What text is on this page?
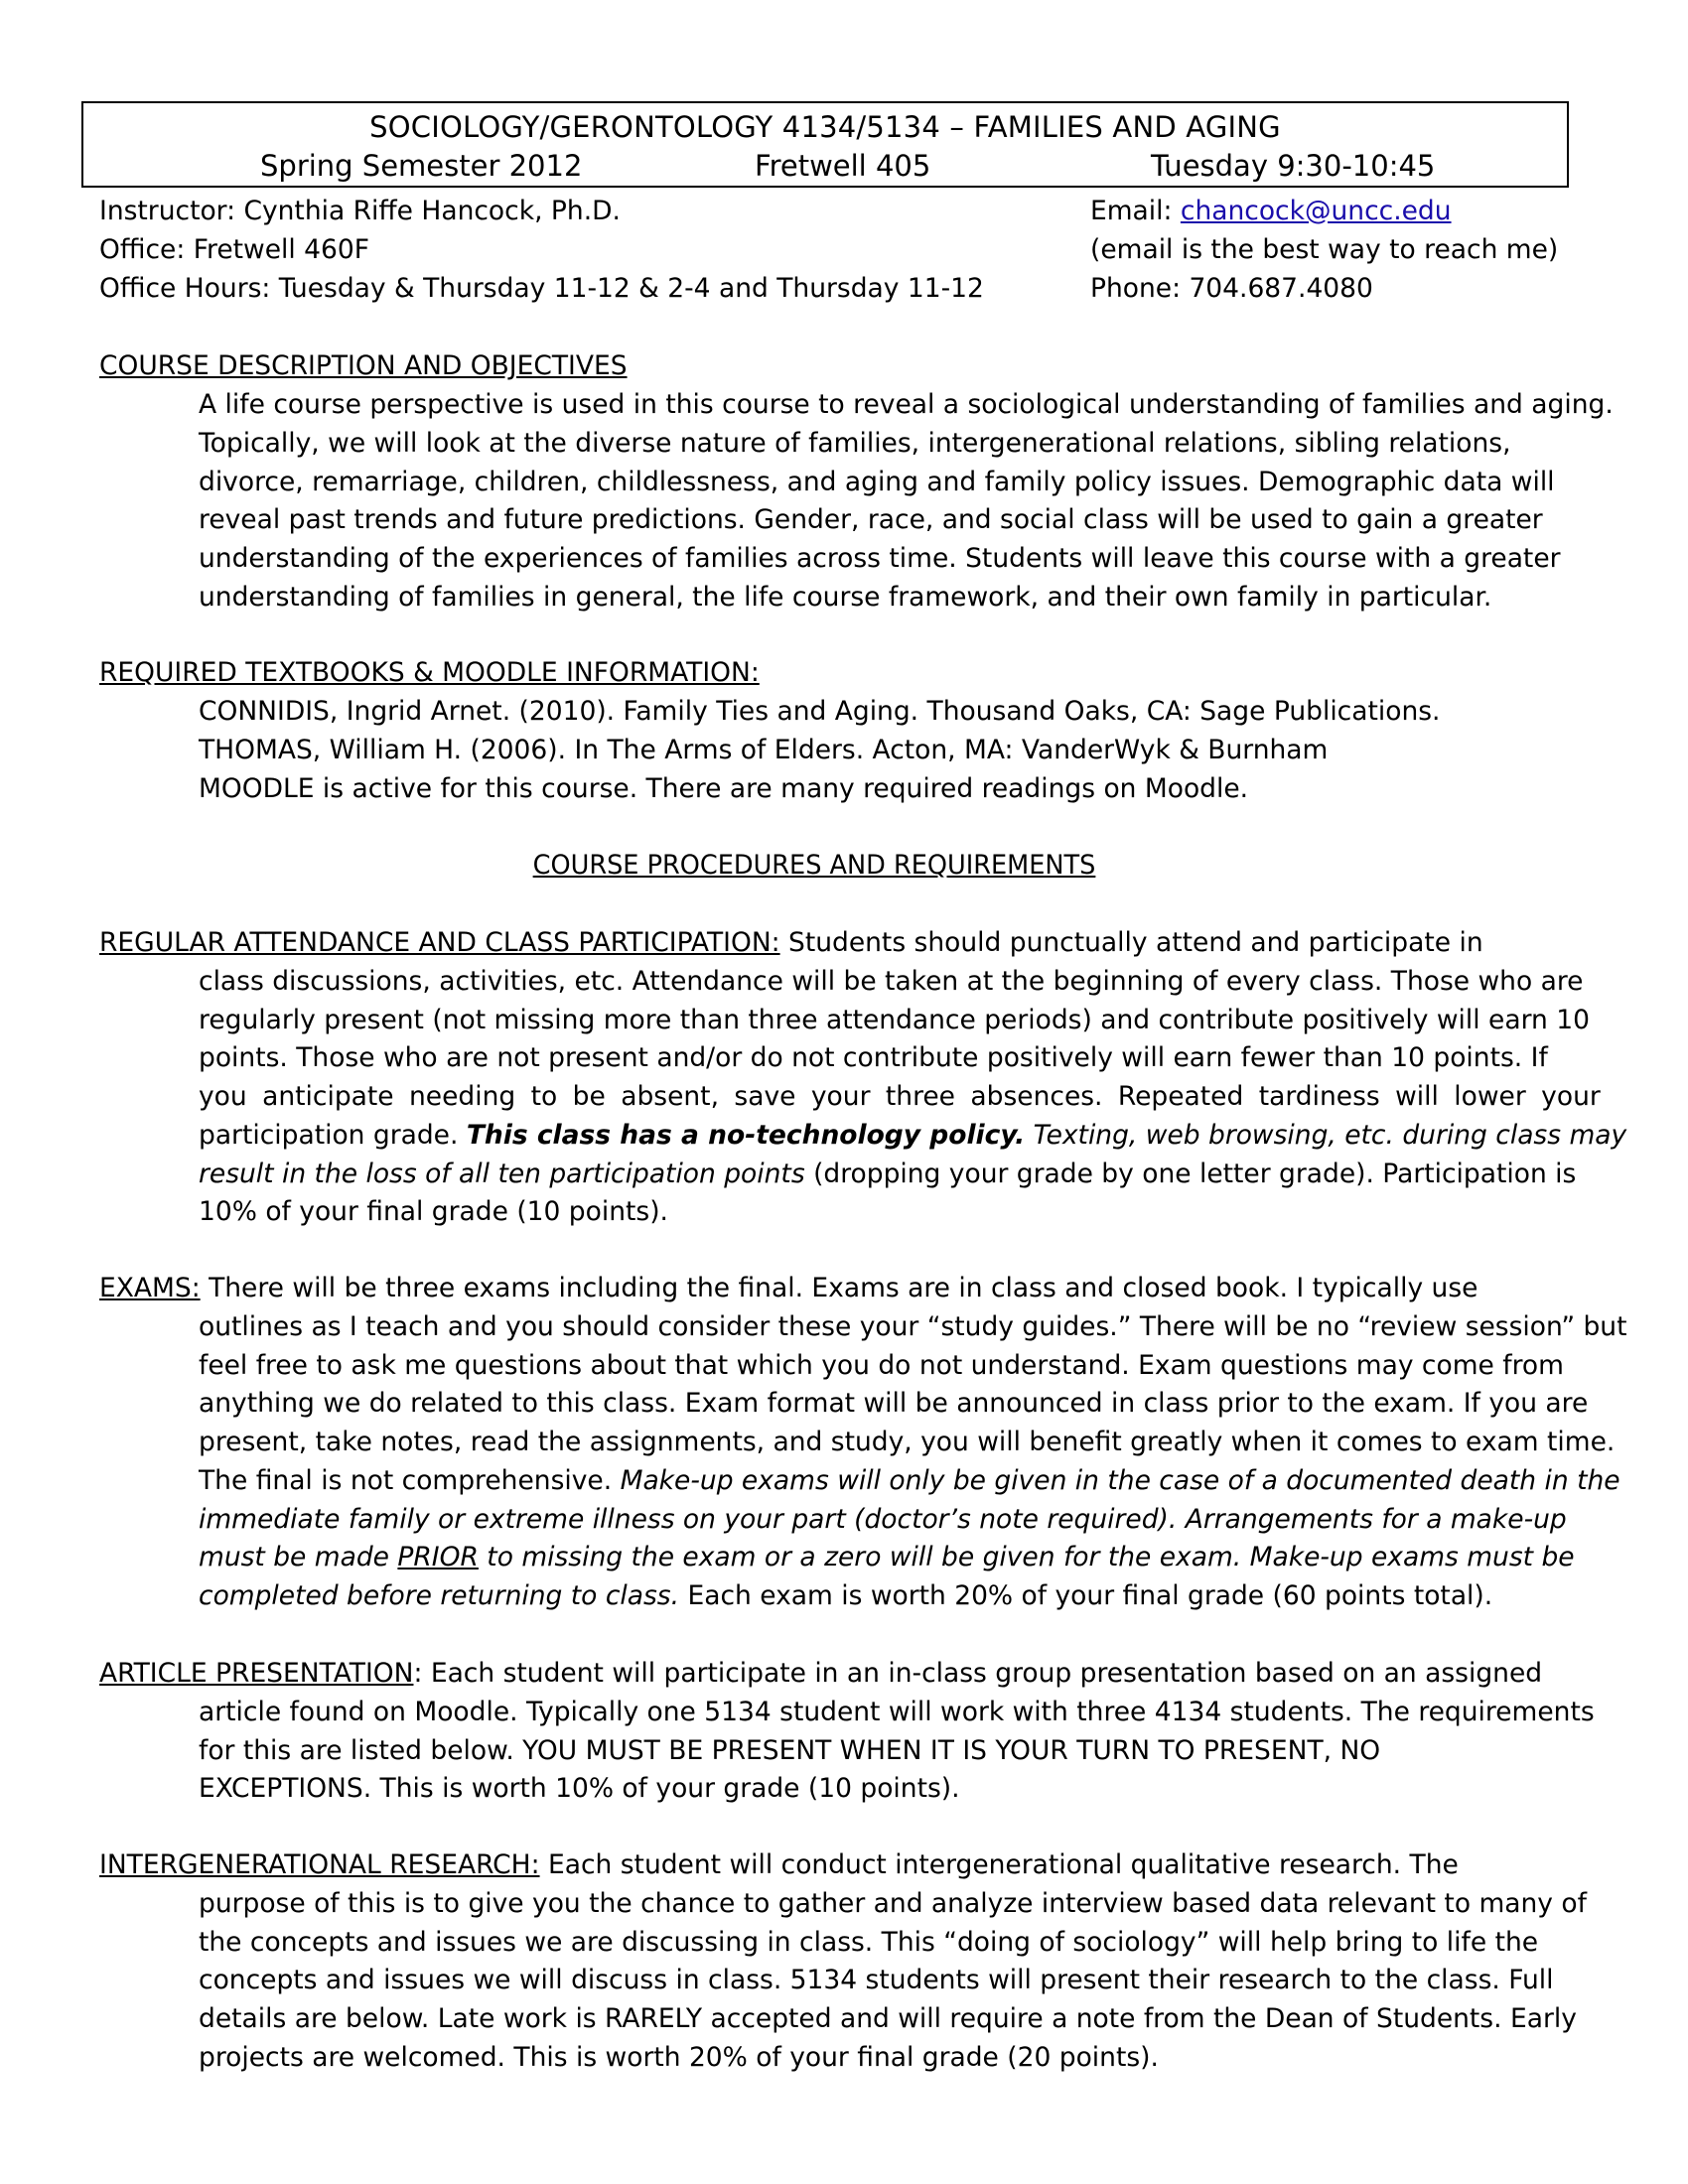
SOCIOLOGY/GERONTOLOGY 4134/5134 – FAMILIES AND AGING
Spring Semester 2012	Fretwell 405	Tuesday 9:30-10:45
Instructor: Cynthia Riffe Hancock, Ph.D.
Office: Fretwell 460F
Office Hours: Tuesday & Thursday 11-12 & 2-4 and Thursday 11-12
Email: chancock@uncc.edu
(email is the best way to reach me)
Phone: 704.687.4080
COURSE DESCRIPTION AND OBJECTIVES
A life course perspective is used in this course to reveal a sociological understanding of families and aging.
Topically, we will look at the diverse nature of families, intergenerational relations, sibling relations,
divorce, remarriage, children, childlessness, and aging and family policy issues. Demographic data will
reveal past trends and future predictions. Gender, race, and social class will be used to gain a greater
understanding of the experiences of families across time. Students will leave this course with a greater
understanding of families in general, the life course framework, and their own family in particular.
REQUIRED TEXTBOOKS & MOODLE INFORMATION:
CONNIDIS, Ingrid Arnet. (2010). Family Ties and Aging. Thousand Oaks, CA: Sage Publications.
THOMAS, William H. (2006). In The Arms of Elders. Acton, MA: VanderWyk & Burnham
MOODLE is active for this course. There are many required readings on Moodle.
COURSE PROCEDURES AND REQUIREMENTS
REGULAR ATTENDANCE AND CLASS PARTICIPATION: Students should punctually attend and participate in
class discussions, activities, etc. Attendance will be taken at the beginning of every class. Those who are
regularly present (not missing more than three attendance periods) and contribute positively will earn 10
points. Those who are not present and/or do not contribute positively will earn fewer than 10 points. If
you anticipate needing to be absent, save your three absences. Repeated tardiness will lower your
participation grade. This class has a no-technology policy. Texting, web browsing, etc. during class may
result in the loss of all ten participation points (dropping your grade by one letter grade). Participation is
10% of your final grade (10 points).
EXAMS: There will be three exams including the final. Exams are in class and closed book. I typically use
outlines as I teach and you should consider these your “study guides.” There will be no “review session” but
feel free to ask me questions about that which you do not understand. Exam questions may come from
anything we do related to this class. Exam format will be announced in class prior to the exam. If you are
present, take notes, read the assignments, and study, you will benefit greatly when it comes to exam time.
The final is not comprehensive. Make-up exams will only be given in the case of a documented death in the
immediate family or extreme illness on your part (doctor’s note required). Arrangements for a make-up
must be made PRIOR to missing the exam or a zero will be given for the exam. Make-up exams must be
completed before returning to class. Each exam is worth 20% of your final grade (60 points total).
ARTICLE PRESENTATION: Each student will participate in an in-class group presentation based on an assigned
article found on Moodle. Typically one 5134 student will work with three 4134 students. The requirements
for this are listed below. YOU MUST BE PRESENT WHEN IT IS YOUR TURN TO PRESENT, NO
EXCEPTIONS. This is worth 10% of your grade (10 points).
INTERGENERATIONAL RESEARCH: Each student will conduct intergenerational qualitative research. The
purpose of this is to give you the chance to gather and analyze interview based data relevant to many of
the concepts and issues we are discussing in class. This “doing of sociology” will help bring to life the
concepts and issues we will discuss in class. 5134 students will present their research to the class. Full
details are below. Late work is RARELY accepted and will require a note from the Dean of Students. Early
projects are welcomed. This is worth 20% of your final grade (20 points).
